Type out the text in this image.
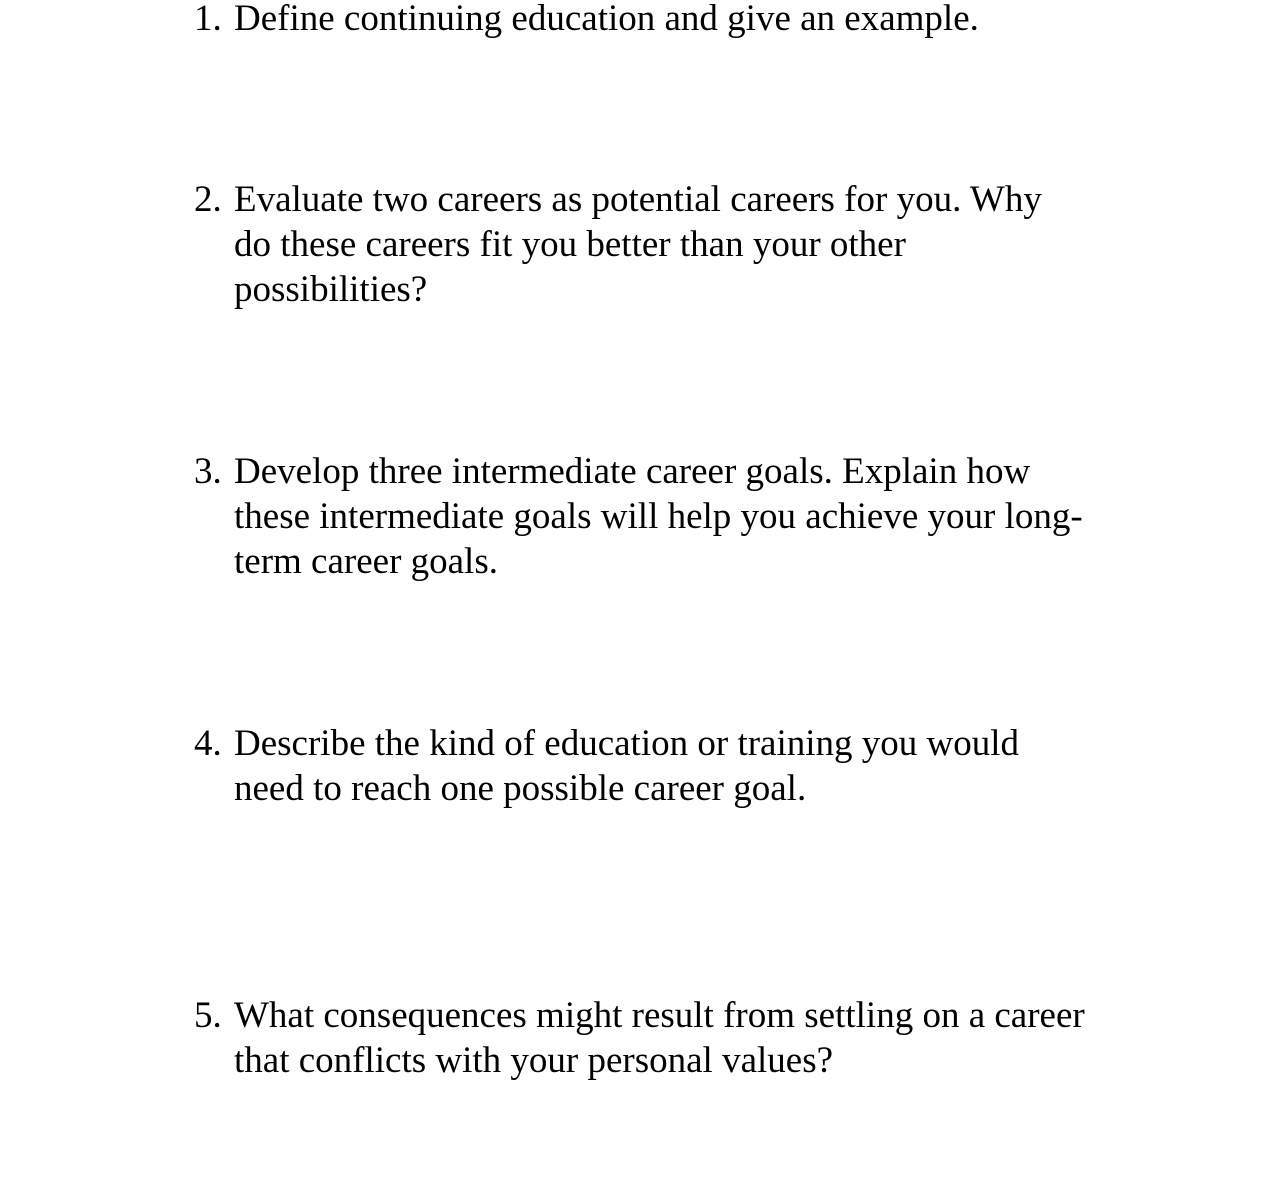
1. Define continuing education and give an example.
2. Evaluate two careers as potential careers for you. Why
do these careers fit you better than your other
possibilities?
3. Develop three intermediate career goals. Explain how
these intermediate goals will help you achieve your long-
term career goals.
4. Describe the kind of education or training you would
need to reach one possible career goal.
5. What consequences might result from settling on a career
that conflicts with your personal values?
